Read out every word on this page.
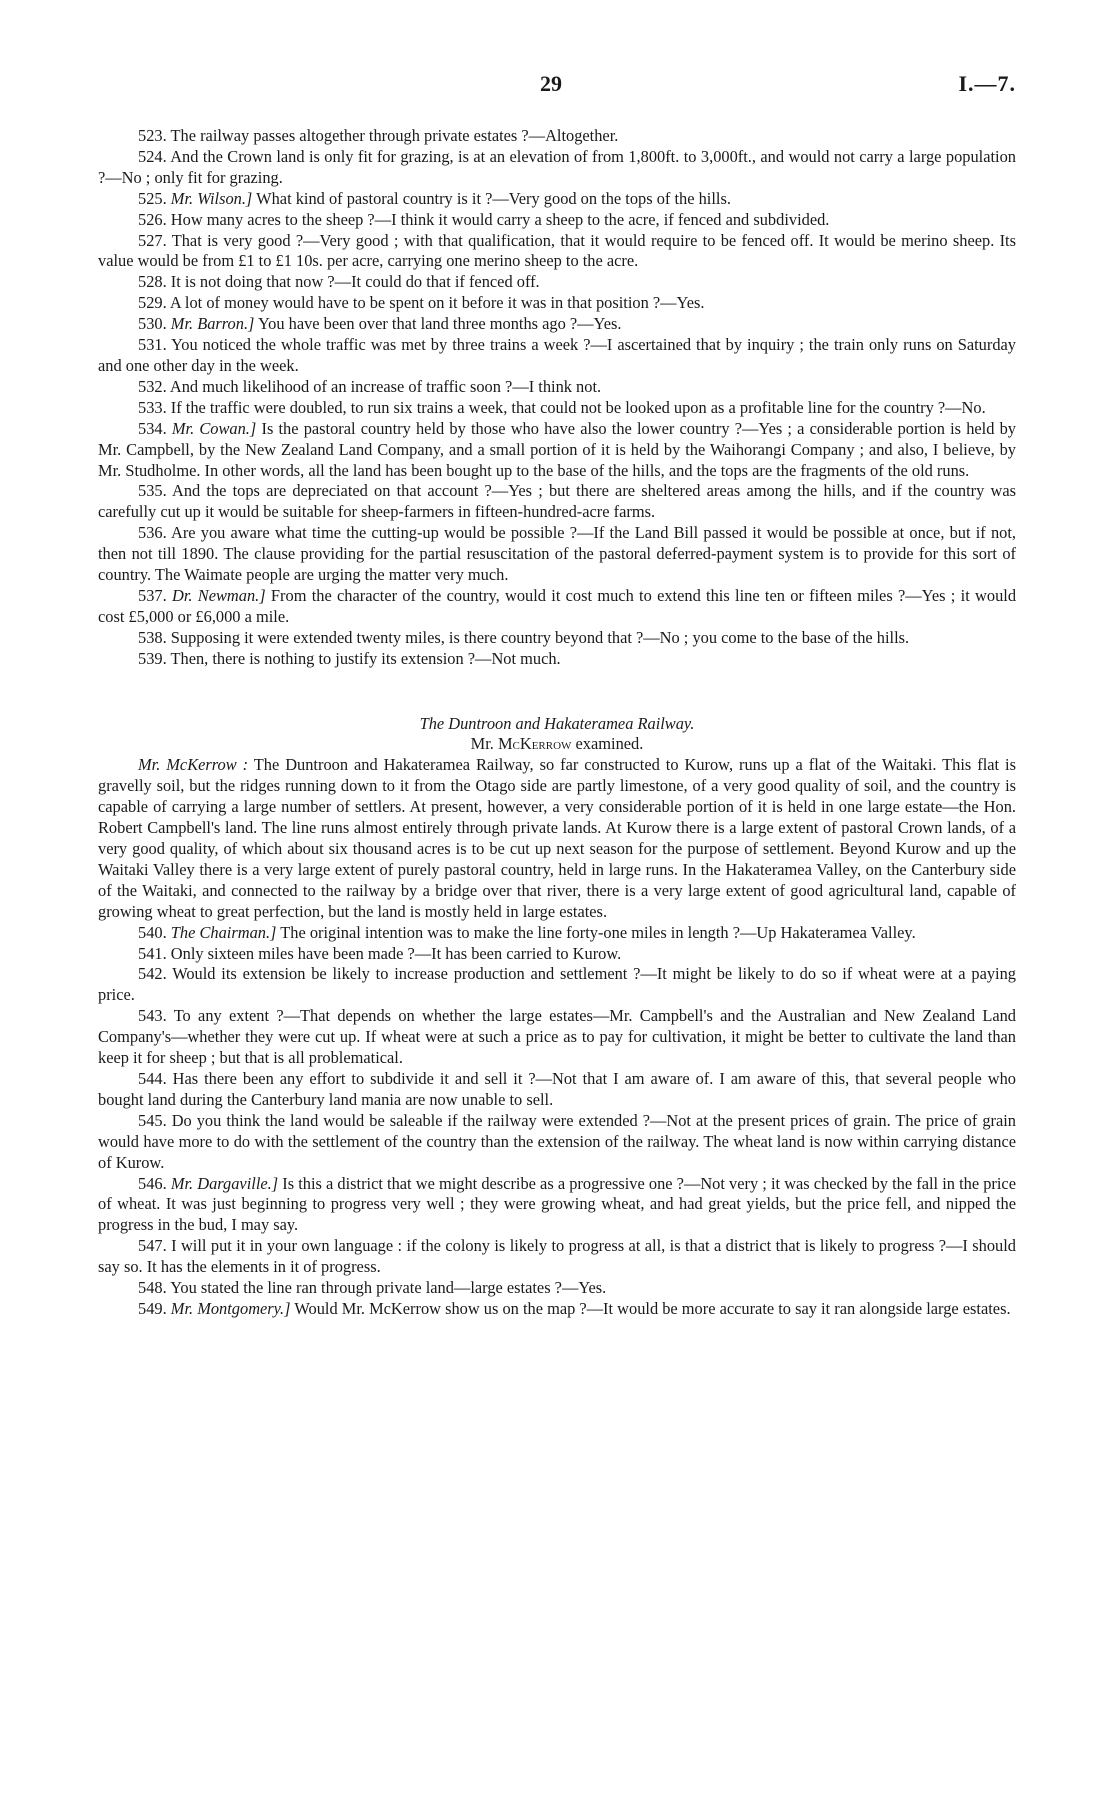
29	I.—7.

523. The railway passes altogether through private estates ?—Altogether.

524. And the Crown land is only fit for grazing, is at an elevation of from 1,800ft. to 3,000ft., and would not carry a large population ?—No ; only fit for grazing.

525. Mr. Wilson.] What kind of pastoral country is it ?—Very good on the tops of the hills.

526. How many acres to the sheep ?—I think it would carry a sheep to the acre, if fenced and subdivided.

527. That is very good ?—Very good ; with that qualification, that it would require to be fenced off. It would be merino sheep. Its value would be from £1 to £1 10s. per acre, carrying one merino sheep to the acre.

528. It is not doing that now ?—It could do that if fenced off.

529. A lot of money would have to be spent on it before it was in that position ?—Yes.

530. Mr. Barron.] You have been over that land three months ago ?—Yes.

531. You noticed the whole traffic was met by three trains a week ?—I ascertained that by inquiry ; the train only runs on Saturday and one other day in the week.

532. And much likelihood of an increase of traffic soon ?—I think not.

533. If the traffic were doubled, to run six trains a week, that could not be looked upon as a profitable line for the country ?—No.

534. Mr. Cowan.] Is the pastoral country held by those who have also the lower country ?—Yes ; a considerable portion is held by Mr. Campbell, by the New Zealand Land Company, and a small portion of it is held by the Waihorangi Company ; and also, I believe, by Mr. Studholme. In other words, all the land has been bought up to the base of the hills, and the tops are the fragments of the old runs.

535. And the tops are depreciated on that account ?—Yes ; but there are sheltered areas among the hills, and if the country was carefully cut up it would be suitable for sheep-farmers in fifteen-hundred-acre farms.

536. Are you aware what time the cutting-up would be possible ?—If the Land Bill passed it would be possible at once, but if not, then not till 1890. The clause providing for the partial resuscitation of the pastoral deferred-payment system is to provide for this sort of country. The Waimate people are urging the matter very much.

537. Dr. Newman.] From the character of the country, would it cost much to extend this line ten or fifteen miles ?—Yes ; it would cost £5,000 or £6,000 a mile.

538. Supposing it were extended twenty miles, is there country beyond that ?—No ; you come to the base of the hills.

539. Then, there is nothing to justify its extension ?—Not much.

The Duntroon and Hakateramea Railway.

Mr. McKerrow examined.

Mr. McKerrow : The Duntroon and Hakateramea Railway, so far constructed to Kurow, runs up a flat of the Waitaki. This flat is gravelly soil, but the ridges running down to it from the Otago side are partly limestone, of a very good quality of soil, and the country is capable of carrying a large number of settlers. At present, however, a very considerable portion of it is held in one large estate—the Hon. Robert Campbell's land. The line runs almost entirely through private lands. At Kurow there is a large extent of pastoral Crown lands, of a very good quality, of which about six thousand acres is to be cut up next season for the purpose of settlement. Beyond Kurow and up the Waitaki Valley there is a very large extent of purely pastoral country, held in large runs. In the Hakateramea Valley, on the Canterbury side of the Waitaki, and connected to the railway by a bridge over that river, there is a very large extent of good agricultural land, capable of growing wheat to great perfection, but the land is mostly held in large estates.

540. The Chairman.] The original intention was to make the line forty-one miles in length ?—Up Hakateramea Valley.

541. Only sixteen miles have been made ?—It has been carried to Kurow.

542. Would its extension be likely to increase production and settlement ?—It might be likely to do so if wheat were at a paying price.

543. To any extent ?—That depends on whether the large estates—Mr. Campbell's and the Australian and New Zealand Land Company's—whether they were cut up. If wheat were at such a price as to pay for cultivation, it might be better to cultivate the land than keep it for sheep ; but that is all problematical.

544. Has there been any effort to subdivide it and sell it ?—Not that I am aware of. I am aware of this, that several people who bought land during the Canterbury land mania are now unable to sell.

545. Do you think the land would be saleable if the railway were extended ?—Not at the present prices of grain. The price of grain would have more to do with the settlement of the country than the extension of the railway. The wheat land is now within carrying distance of Kurow.

546. Mr. Dargaville.] Is this a district that we might describe as a progressive one ?—Not very ; it was checked by the fall in the price of wheat. It was just beginning to progress very well ; they were growing wheat, and had great yields, but the price fell, and nipped the progress in the bud, I may say.

547. I will put it in your own language : if the colony is likely to progress at all, is that a district that is likely to progress ?—I should say so. It has the elements in it of progress.

548. You stated the line ran through private land—large estates ?—Yes.

549. Mr. Montgomery.] Would Mr. McKerrow show us on the map ?—It would be more accurate to say it ran alongside large estates.
